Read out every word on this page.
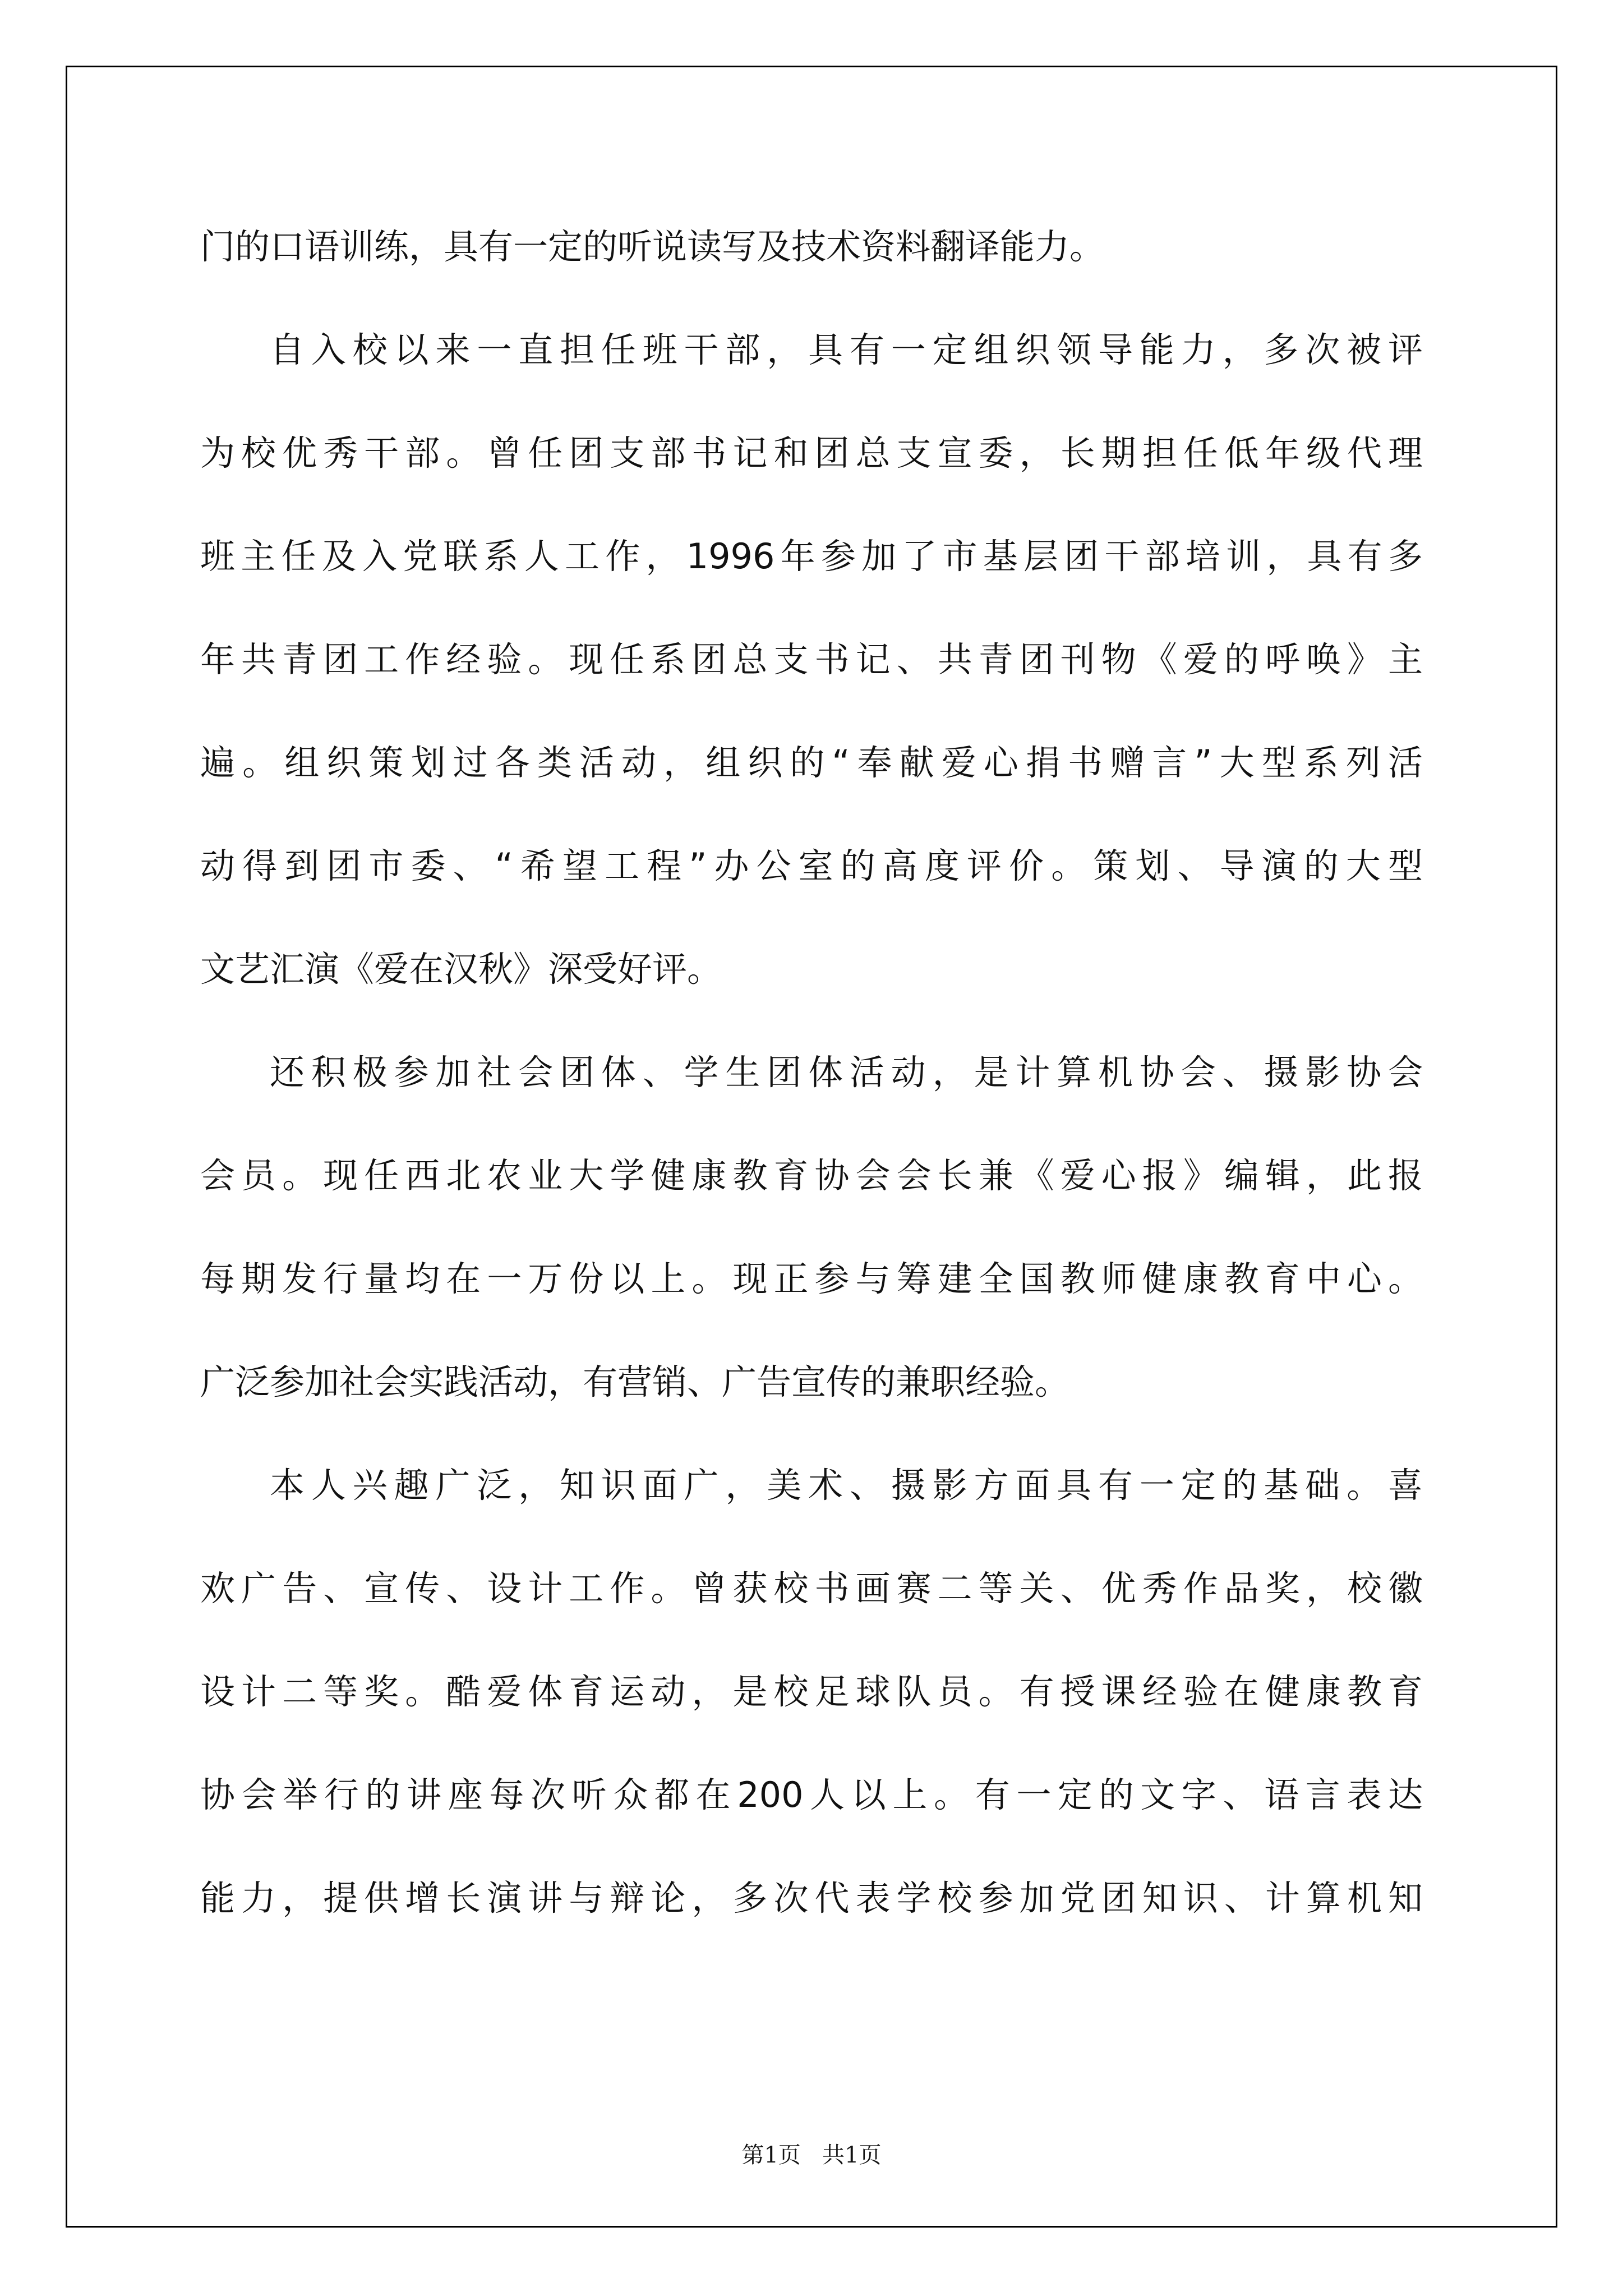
门的口语训练，具有一定的听说读写及技术资料翻译能力。
自入校以来一直担任班干部，具有一定组织领导能力，多次被评
为校优秀干部。曾任团支部书记和团总支宣委，长期担任低年级代理
班主任及入党联系人工作，1996年参加了市基层团干部培训，具有多
年共青团工作经验。现任系团总支书记、共青团刊物《爱的呼唤》主
遍。组织策划过各类活动，组织的“奉献爱心捐书赠言”大型系列活
动得到团市委、“希望工程”办公室的高度评价。策划、导演的大型
文艺汇演《爱在汉秋》深受好评。
还积极参加社会团体、学生团体活动，是计算机协会、摄影协会
会员。现任西北农业大学健康教育协会会长兼《爱心报》编辑，此报
每期发行量均在一万份以上。现正参与筹建全国教师健康教育中心。
广泛参加社会实践活动，有营销、广告宣传的兼职经验。
本人兴趣广泛，知识面广，美术、摄影方面具有一定的基础。喜
欢广告、宣传、设计工作。曾获校书画赛二等关、优秀作品奖，校徽
设计二等奖。酷爱体育运动，是校足球队员。有授课经验在健康教育
协会举行的讲座每次听众都在200人以上。有一定的文字、语言表达
能力，提供增长演讲与辩论，多次代表学校参加党团知识、计算机知
第1页   共1页
